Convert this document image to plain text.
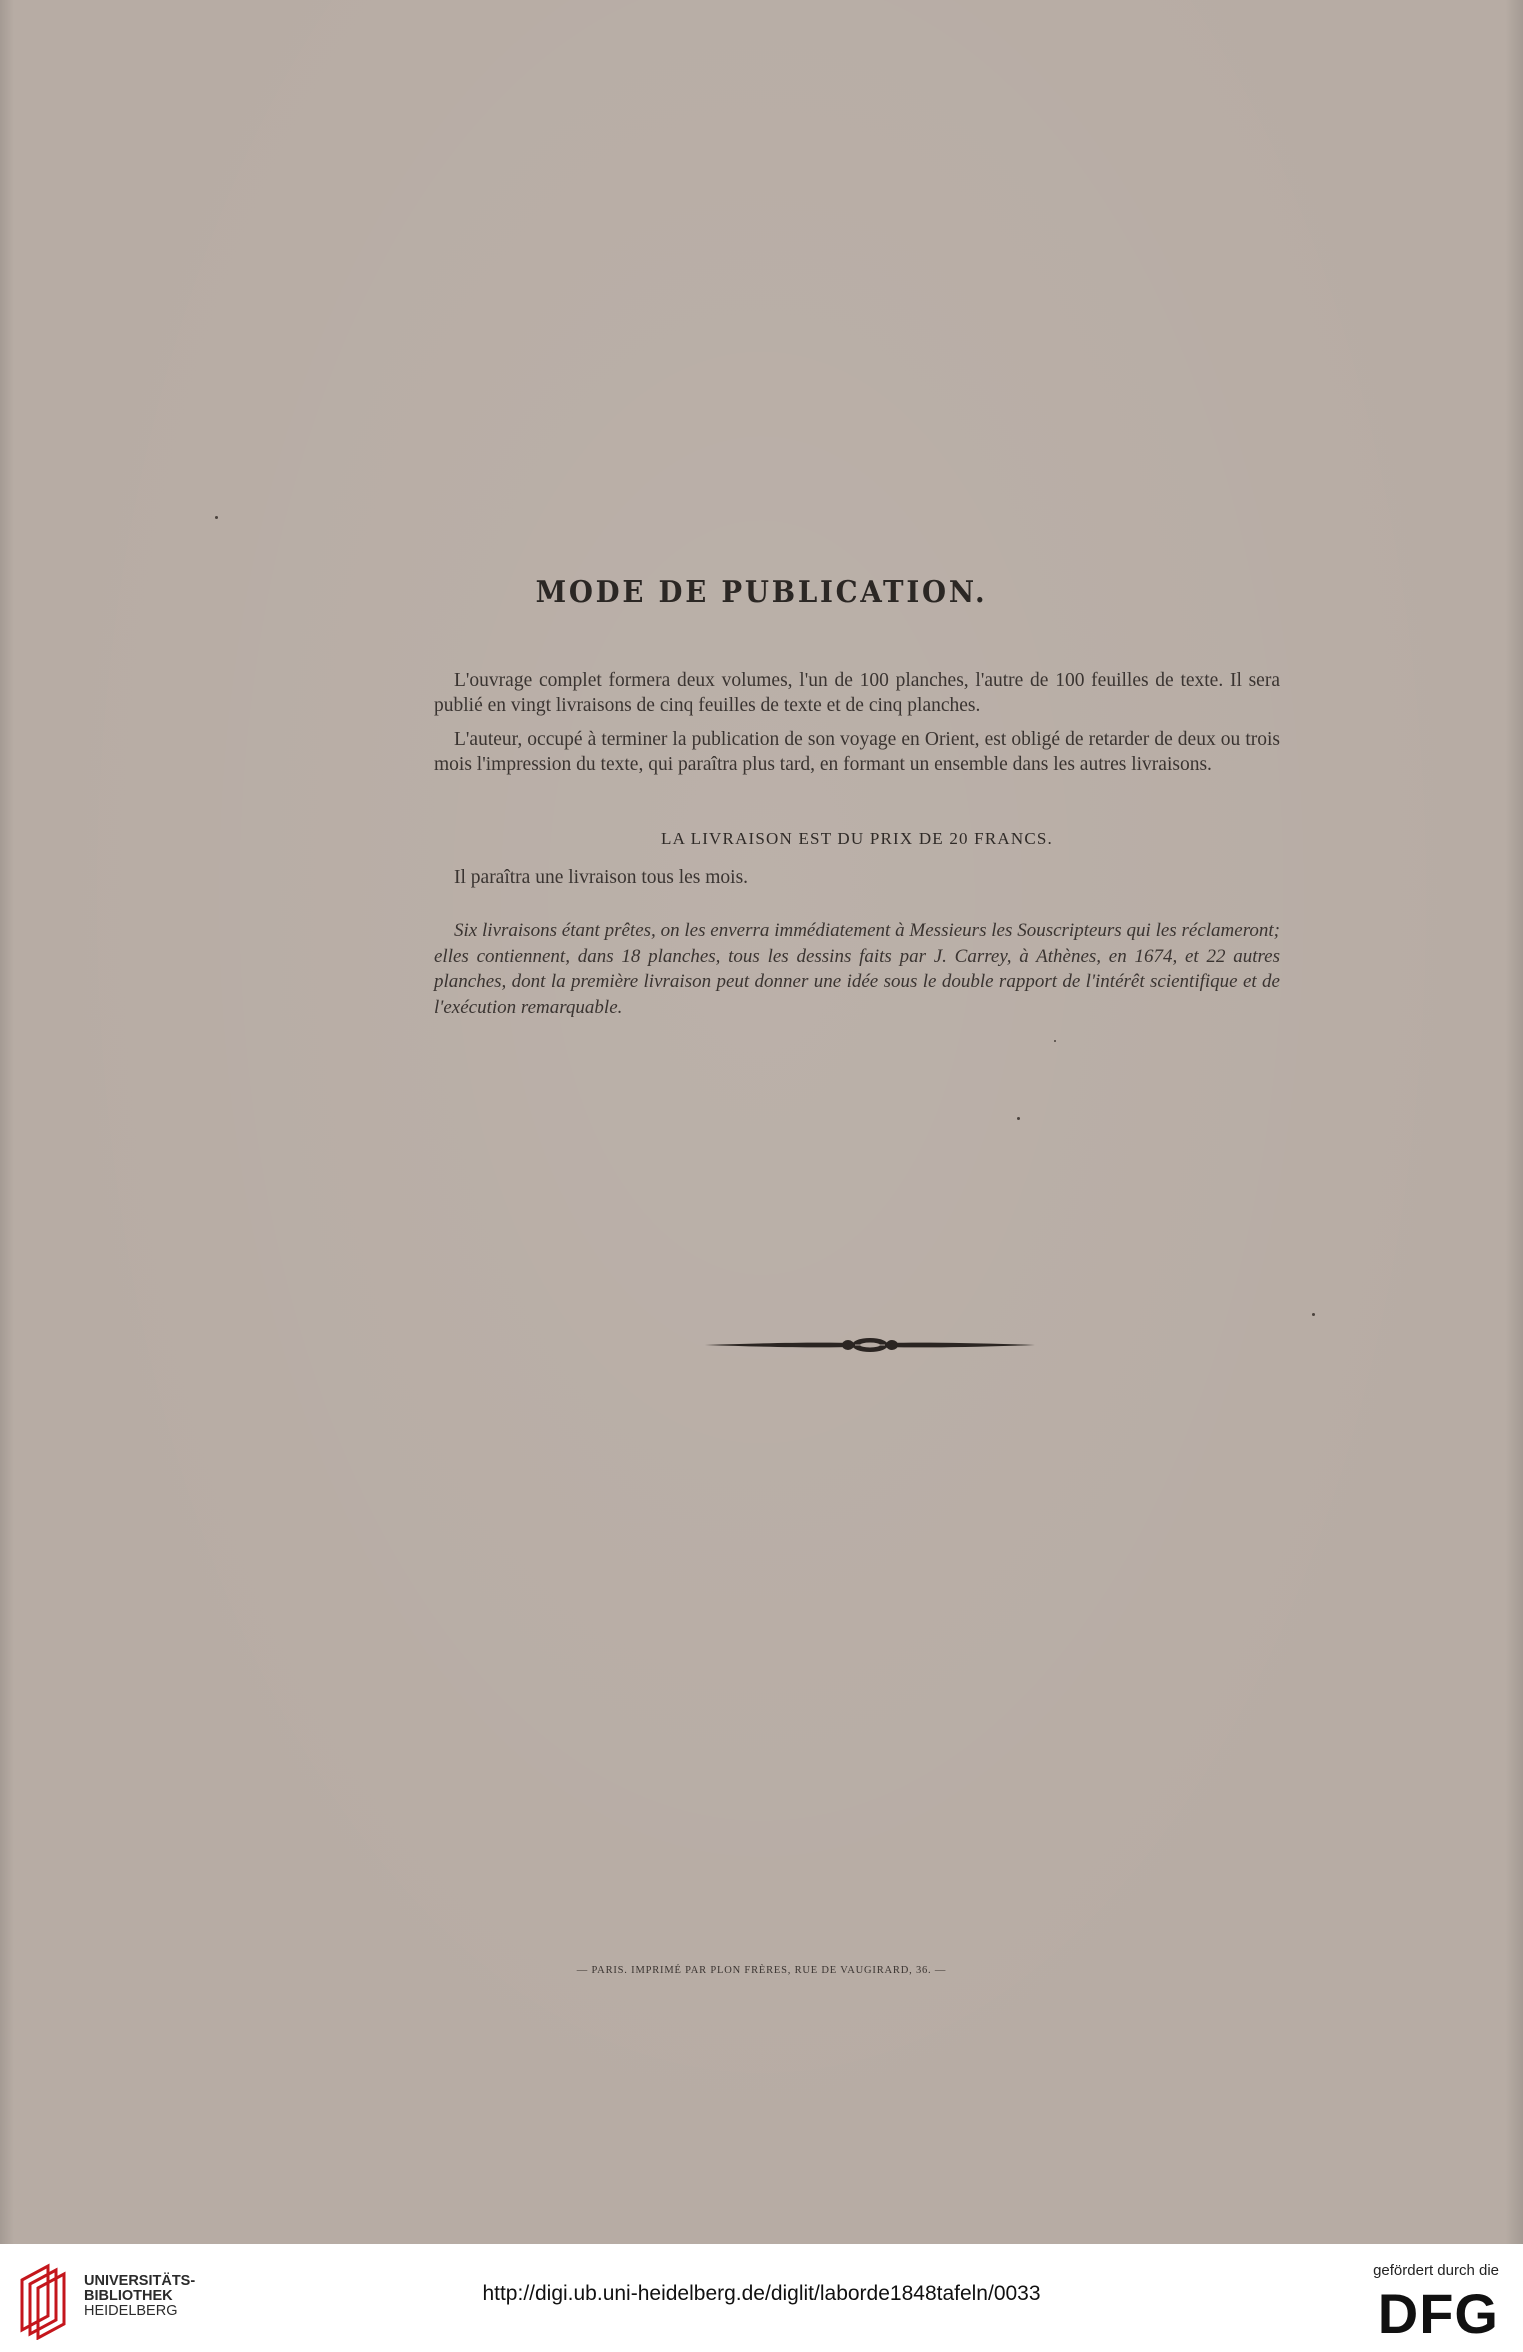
MODE DE PUBLICATION.

L'ouvrage complet formera deux volumes, l'un de 100 planches, l'autre de 100 feuilles de texte. Il sera publié en vingt livraisons de cinq feuilles de texte et de cinq planches.

L'auteur, occupé à terminer la publication de son voyage en Orient, est obligé de retarder de deux ou trois mois l'impression du texte, qui paraîtra plus tard, en formant un ensemble dans les autres livraisons.

LA LIVRAISON EST DU PRIX DE 20 FRANCS.

Il paraîtra une livraison tous les mois.

Six livraisons étant prêtes, on les enverra immédiatement à Messieurs les Souscripteurs qui les réclameront; elles contiennent, dans 18 planches, tous les dessins faits par J. Carrey, à Athènes, en 1674, et 22 autres planches, dont la première livraison peut donner une idée sous le double rapport de l'intérêt scientifique et de l'exécution remarquable.

— PARIS. IMPRIMÉ PAR PLON FRÈRES, RUE DE VAUGIRARD, 36. —

UNIVERSITÄTS-
BIBLIOTHEK
HEIDELBERG
http://digi.ub.uni-heidelberg.de/diglit/laborde1848tafeln/0033
gefördert durch die
DFG
